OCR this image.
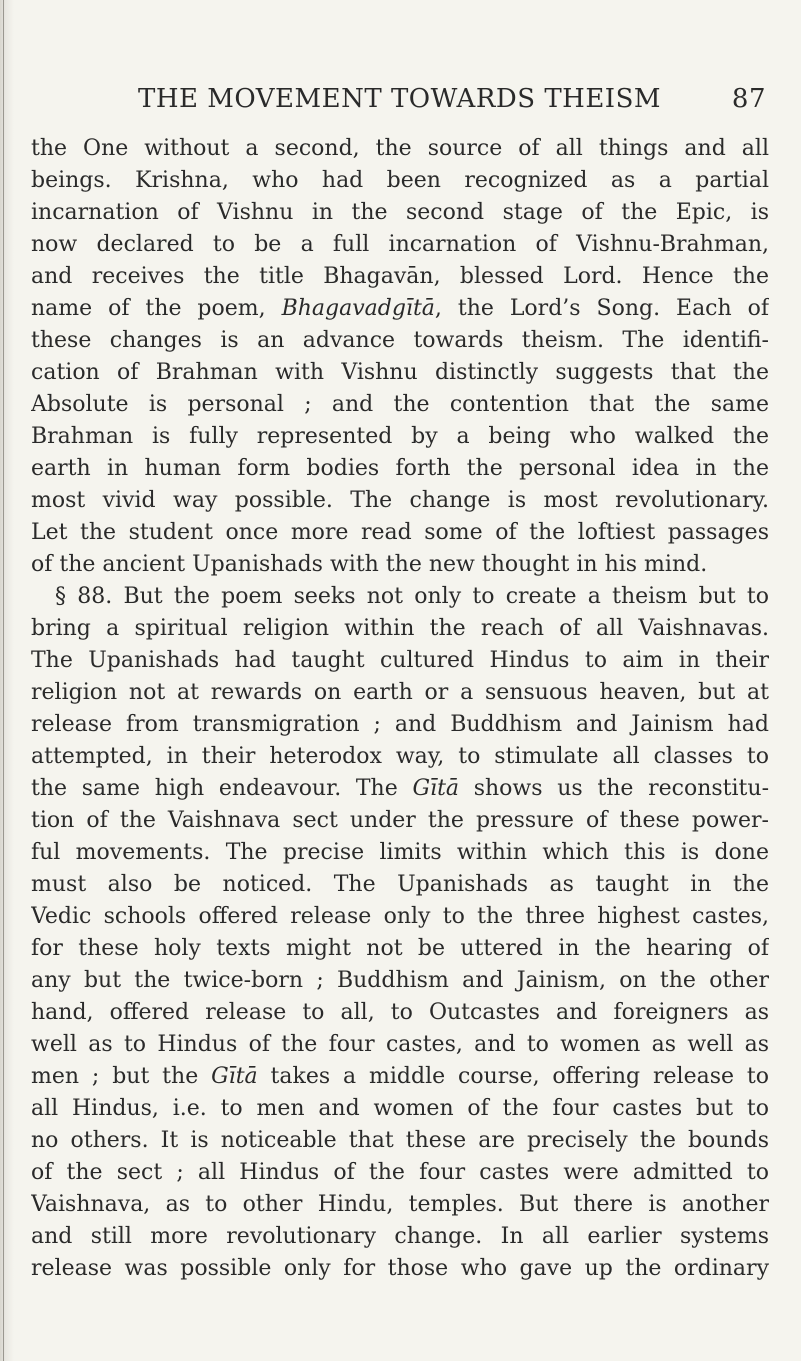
THE MOVEMENT TOWARDS THEISM	87
the One without a second, the source of all things and all
beings. Krishna, who had been recognized as a partial
incarnation of Vishnu in the second stage of the Epic, is
now declared to be a full incarnation of Vishnu-Brahman,
and receives the title Bhagavān, blessed Lord. Hence the
name of the poem, Bhagavadgītā, the Lord’s Song. Each of
these changes is an advance towards theism. The identifi-
cation of Brahman with Vishnu distinctly suggests that the
Absolute is personal ; and the contention that the same
Brahman is fully represented by a being who walked the
earth in human form bodies forth the personal idea in the
most vivid way possible. The change is most revolutionary.
Let the student once more read some of the loftiest passages
of the ancient Upanishads with the new thought in his mind.
§ 88. But the poem seeks not only to create a theism but to
bring a spiritual religion within the reach of all Vaishnavas.
The Upanishads had taught cultured Hindus to aim in their
religion not at rewards on earth or a sensuous heaven, but at
release from transmigration ; and Buddhism and Jainism had
attempted, in their heterodox way, to stimulate all classes to
the same high endeavour. The Gītā shows us the reconstitu-
tion of the Vaishnava sect under the pressure of these power-
ful movements. The precise limits within which this is done
must also be noticed. The Upanishads as taught in the
Vedic schools offered release only to the three highest castes,
for these holy texts might not be uttered in the hearing of
any but the twice-born ; Buddhism and Jainism, on the other
hand, offered release to all, to Outcastes and foreigners as
well as to Hindus of the four castes, and to women as well as
men ; but the Gītā takes a middle course, offering release to
all Hindus, i.e. to men and women of the four castes but to
no others. It is noticeable that these are precisely the bounds
of the sect ; all Hindus of the four castes were admitted to
Vaishnava, as to other Hindu, temples. But there is another
and still more revolutionary change. In all earlier systems
release was possible only for those who gave up the ordinary
